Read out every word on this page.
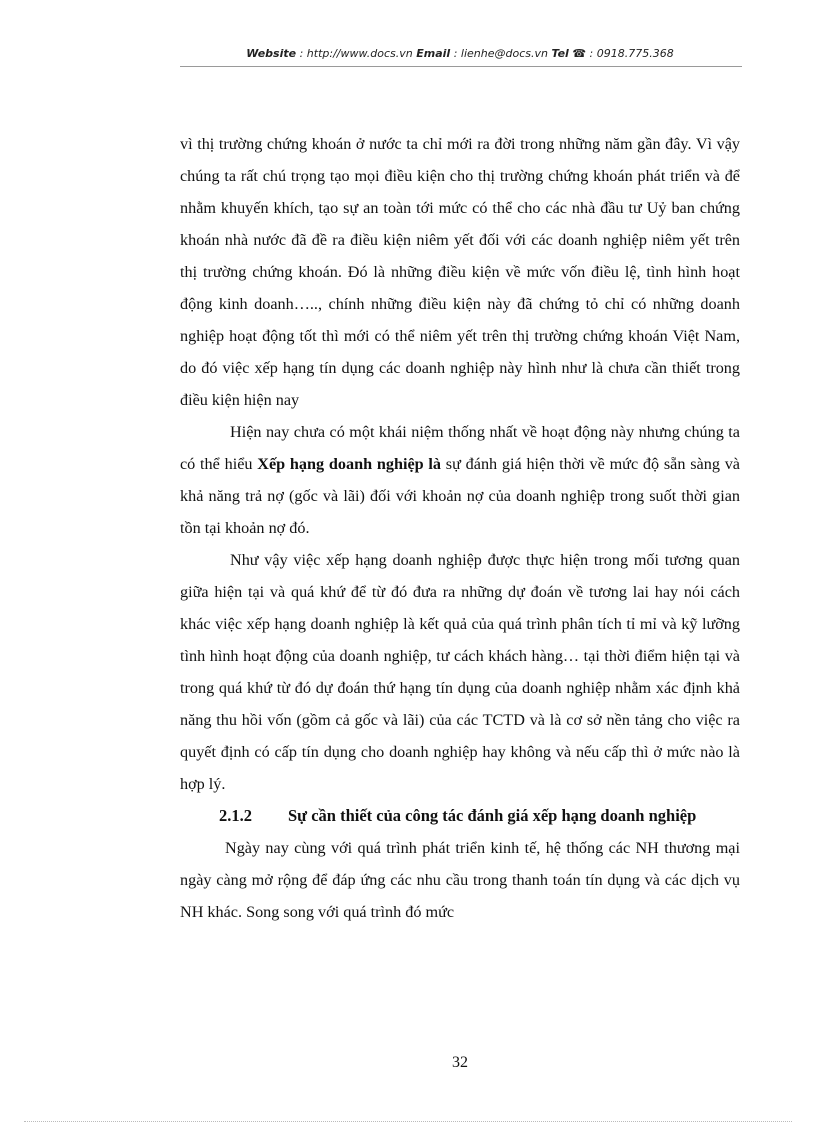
Website : http://www.docs.vn Email : lienhe@docs.vn Tel ☎ : 0918.775.368

vì thị trường chứng khoán ở nước ta chỉ mới ra đời trong những năm gần đây. Vì vậy chúng ta rất chú trọng tạo mọi điều kiện cho thị trường chứng khoán phát triển và để nhằm khuyến khích, tạo sự an toàn tới mức có thể cho các nhà đầu tư Uỷ ban chứng khoán nhà nước đã đề ra điều kiện niêm yết đối với các doanh nghiệp niêm yết trên thị trường chứng khoán. Đó là những điều kiện về mức vốn điều lệ, tình hình hoạt động kinh doanh….., chính những điều kiện này đã chứng tỏ chỉ có những doanh nghiệp hoạt động tốt thì mới có thể niêm yết trên thị trường chứng khoán Việt Nam, do đó việc xếp hạng tín dụng các doanh nghiệp này hình như là chưa cần thiết trong điều kiện hiện nay

Hiện nay chưa có một khái niệm thống nhất về hoạt động này nhưng chúng ta có thể hiểu Xếp hạng doanh nghiệp là sự đánh giá hiện thời về mức độ sẵn sàng và khả năng trả nợ (gốc và lãi) đối với khoản nợ của doanh nghiệp trong suốt thời gian tồn tại khoản nợ đó.

Như vậy việc xếp hạng doanh nghiệp được thực hiện trong mối tương quan giữa hiện tại và quá khứ để từ đó đưa ra những dự đoán về tương lai hay nói cách khác việc xếp hạng doanh nghiệp là kết quả của quá trình phân tích tỉ mỉ và kỹ lưỡng tình hình hoạt động của doanh nghiệp, tư cách khách hàng… tại thời điểm hiện tại và trong quá khứ từ đó dự đoán thứ hạng tín dụng của doanh nghiệp nhằm xác định khả năng thu hồi vốn (gồm cả gốc và lãi) của các TCTD và là cơ sở nền tảng cho việc ra quyết định có cấp tín dụng cho doanh nghiệp hay không và nếu cấp thì ở mức nào là hợp lý.

2.1.2	Sự cần thiết của công tác đánh giá xếp hạng doanh nghiệp

Ngày nay cùng với quá trình phát triển kinh tế, hệ thống các NH thương mại ngày càng mở rộng để đáp ứng các nhu cầu trong thanh toán tín dụng và các dịch vụ NH khác. Song song với quá trình đó mức

32
